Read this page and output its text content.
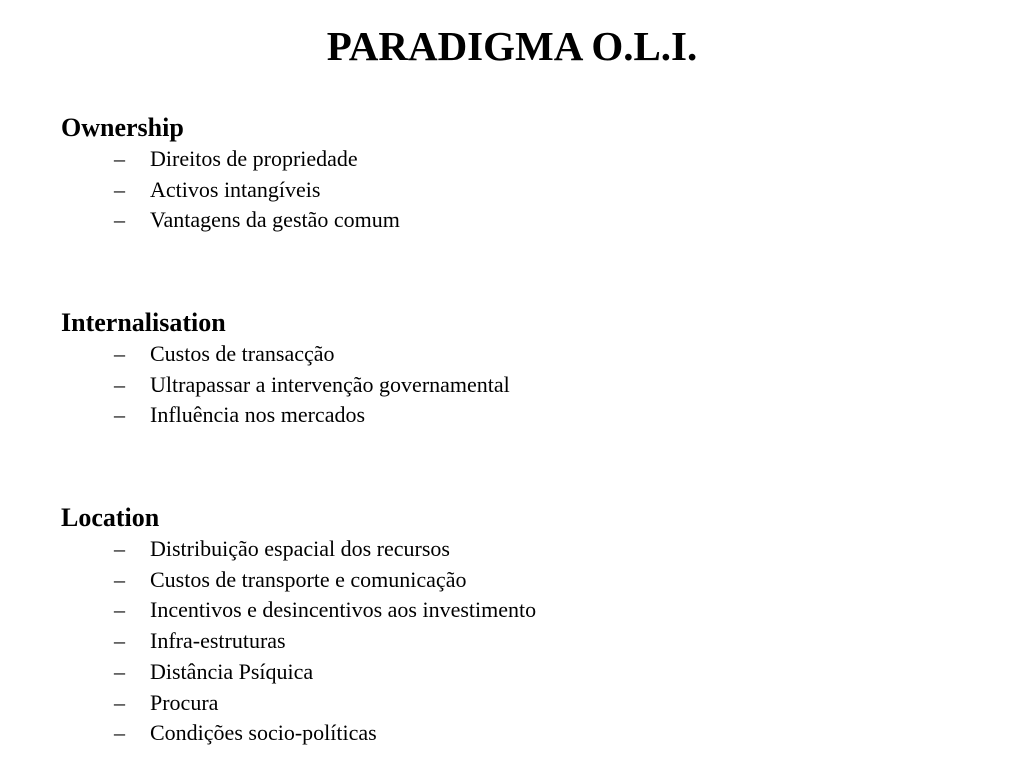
PARADIGMA O.L.I.
Ownership
– Direitos de propriedade
– Activos intangíveis
– Vantagens da gestão comum
Internalisation
– Custos de transacção
– Ultrapassar a intervenção governamental
– Influência nos mercados
Location
– Distribuição espacial dos recursos
– Custos de transporte e comunicação
– Incentivos e desincentivos aos investimento
– Infra-estruturas
– Distância Psíquica
– Procura
– Condições socio-políticas
